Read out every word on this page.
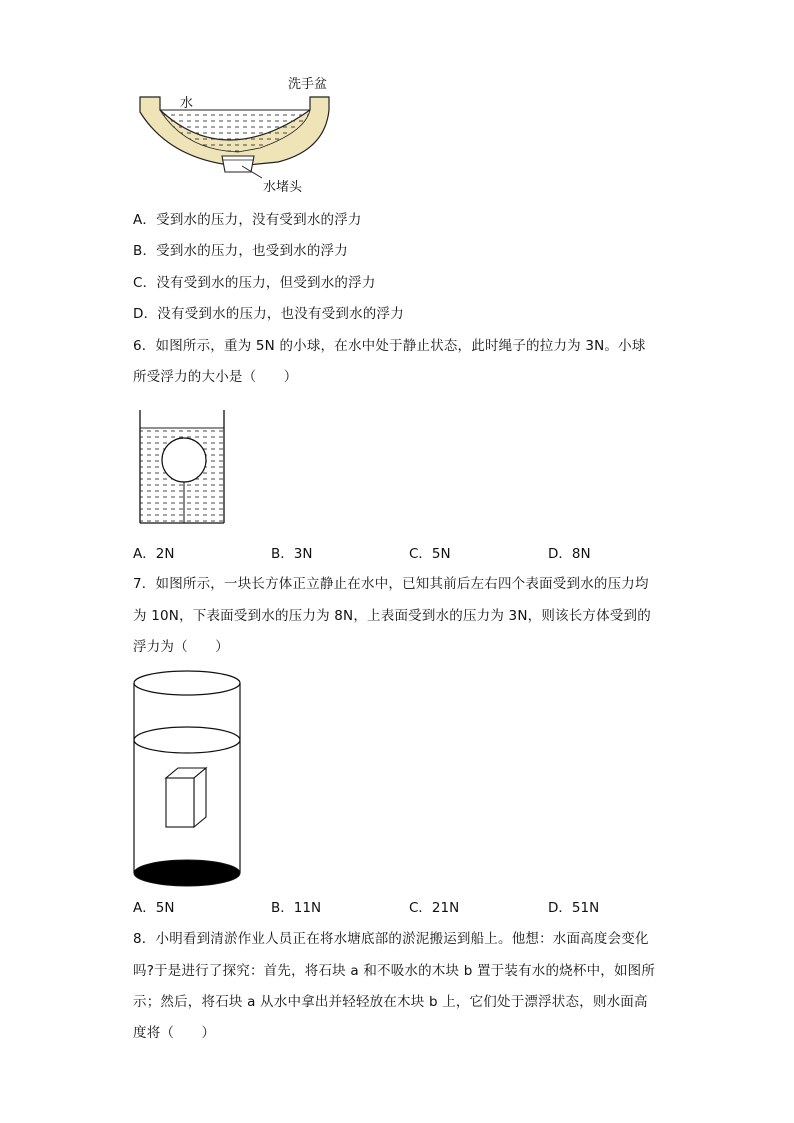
水
洗手盆
水堵头
A．受到水的压力，没有受到水的浮力
B．受到水的压力，也受到水的浮力
C．没有受到水的压力，但受到水的浮力
D．没有受到水的压力，也没有受到水的浮力
6．如图所示，重为 5N 的小球，在水中处于静止状态，此时绳子的拉力为 3N。小球
所受浮力的大小是（　　）
A．2N	B．3N	C．5N	D．8N
7．如图所示，一块长方体正立静止在水中，已知其前后左右四个表面受到水的压力均
为 10N，下表面受到水的压力为 8N，上表面受到水的压力为 3N，则该长方体受到的
浮力为（　　）
A．5N	B．11N	C．21N	D．51N
8．小明看到清淤作业人员正在将水塘底部的淤泥搬运到船上。他想：水面高度会变化
吗?于是进行了探究：首先，将石块 a 和不吸水的木块 b 置于装有水的烧杯中，如图所
示；然后，将石块 a 从水中拿出并轻轻放在木块 b 上，它们处于漂浮状态，则水面高
度将（　　）
